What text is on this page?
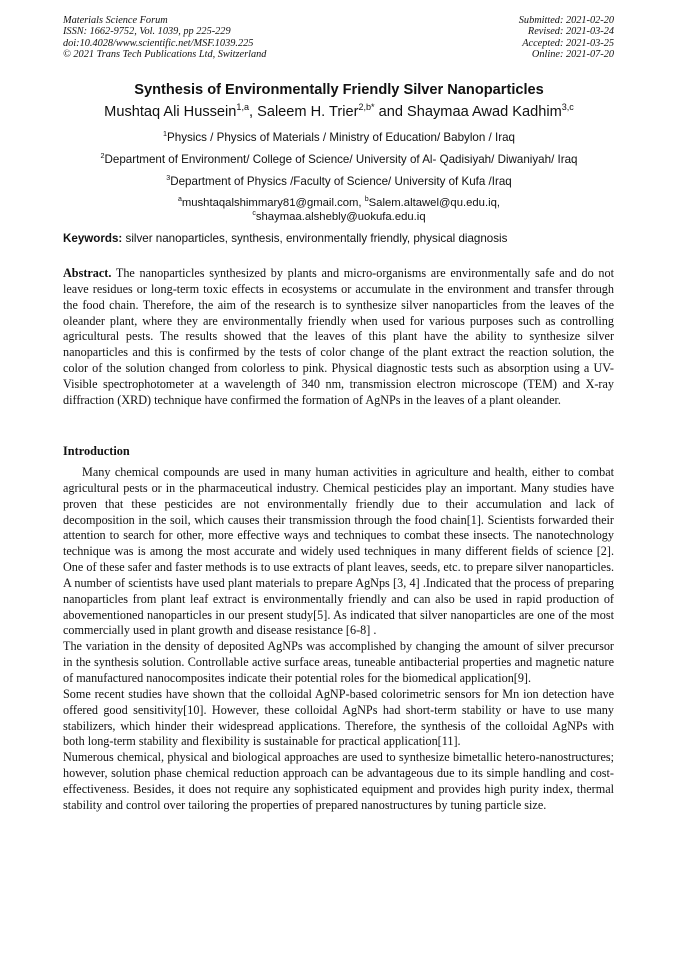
Materials Science Forum
ISSN: 1662-9752, Vol. 1039, pp 225-229
doi:10.4028/www.scientific.net/MSF.1039.225
© 2021 Trans Tech Publications Ltd, Switzerland
Submitted: 2021-02-20
Revised: 2021-03-24
Accepted: 2021-03-25
Online: 2021-07-20
Synthesis of Environmentally Friendly Silver Nanoparticles
Mushtaq Ali Hussein$^{1,a}$, Saleem H. Trier$^{2,b*}$ and Shaymaa Awad Kadhim$^{3,c}$
$^1$Physics / Physics of Materials / Ministry of Education/ Babylon / Iraq
$^2$Department of Environment/ College of Science/ University of Al- Qadisiyah/ Diwaniyah/ Iraq
$^3$Department of Physics /Faculty of Science/ University of Kufa /Iraq
$^a$mushtaqalshimmary81@gmail.com, $^b$Salem.altawel@qu.edu.iq,
$^c$shaymaa.alshebly@uokufa.edu.iq
Keywords: silver nanoparticles, synthesis, environmentally friendly, physical diagnosis
Abstract. The nanoparticles synthesized by plants and micro-organisms are environmentally safe and do not leave residues or long-term toxic effects in ecosystems or accumulate in the environment and transfer through the food chain. Therefore, the aim of the research is to synthesize silver nanoparticles from the leaves of the oleander plant, where they are environmentally friendly when used for various purposes such as controlling agricultural pests. The results showed that the leaves of this plant have the ability to synthesize silver nanoparticles and this is confirmed by the tests of color change of the plant extract the reaction solution, the color of the solution changed from colorless to pink. Physical diagnostic tests such as absorption using a UV-Visible spectrophotometer at a wavelength of 340 nm, transmission electron microscope (TEM) and X-ray diffraction (XRD) technique have confirmed the formation of AgNPs in the leaves of a plant oleander.
Introduction

Many chemical compounds are used in many human activities in agriculture and health, either to combat agricultural pests or in the pharmaceutical industry. Chemical pesticides play an important. Many studies have proven that these pesticides are not environmentally friendly due to their accumulation and lack of decomposition in the soil, which causes their transmission through the food chain[1]. Scientists forwarded their attention to search for other, more effective ways and techniques to combat these insects. The nanotechnology technique was is among the most accurate and widely used techniques in many different fields of science [2]. One of these safer and faster methods is to use extracts of plant leaves, seeds, etc. to prepare silver nanoparticles. A number of scientists have used plant materials to prepare AgNps [3, 4] .Indicated that the process of preparing nanoparticles from plant leaf extract is environmentally friendly and can also be used in rapid production of abovementioned nanoparticles in our present study[5]. As indicated that silver nanoparticles are one of the most commercially used in plant growth and disease resistance [6-8] .

The variation in the density of deposited AgNPs was accomplished by changing the amount of silver precursor in the synthesis solution. Controllable active surface areas, tuneable antibacterial properties and magnetic nature of manufactured nanocomposites indicate their potential roles for the biomedical application[9].

Some recent studies have shown that the colloidal AgNP-based colorimetric sensors for Mn ion detection have offered good sensitivity[10]. However, these colloidal AgNPs had short-term stability or have to use many stabilizers, which hinder their widespread applications. Therefore, the synthesis of the colloidal AgNPs with both long-term stability and flexibility is sustainable for practical application[11].

Numerous chemical, physical and biological approaches are used to synthesize bimetallic hetero-nanostructures; however, solution phase chemical reduction approach can be advantageous due to its simple handling and cost-effectiveness. Besides, it does not require any sophisticated equipment and provides high purity index, thermal stability and control over tailoring the properties of prepared nanostructures by tuning particle size.
